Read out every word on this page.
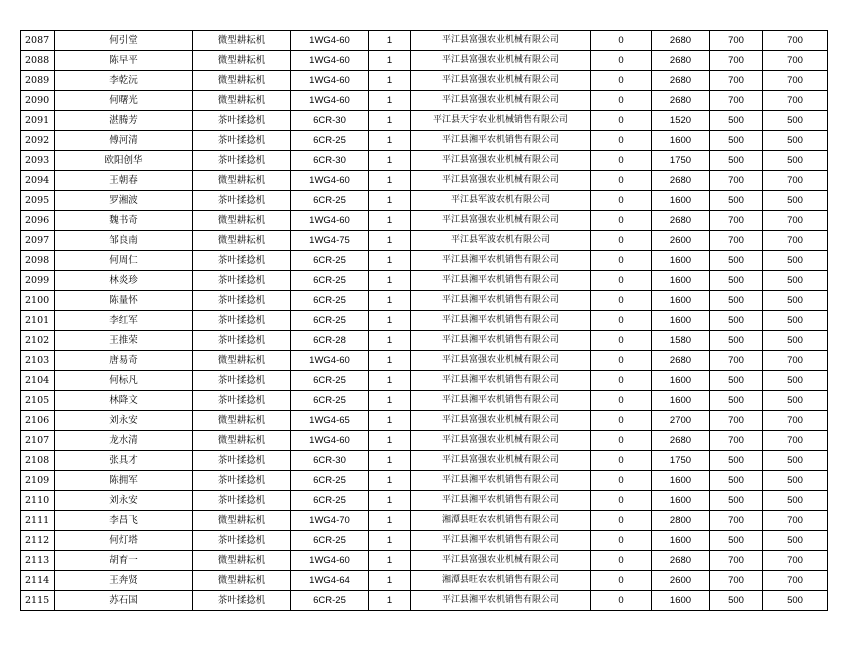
2087	何引堂	微型耕耘机	1WG4-60	1	平江县富强农业机械有限公司	0	2680	700	700
2088	陈早平	微型耕耘机	1WG4-60	1	平江县富强农业机械有限公司	0	2680	700	700
2089	李乾沅	微型耕耘机	1WG4-60	1	平江县富强农业机械有限公司	0	2680	700	700
2090	何曙光	微型耕耘机	1WG4-60	1	平江县富强农业机械有限公司	0	2680	700	700
2091	湛腾芳	茶叶揉捻机	6CR-30	1	平江县天宇农业机械销售有限公司	0	1520	500	500
2092	傅河清	茶叶揉捻机	6CR-25	1	平江县湘平农机销售有限公司	0	1600	500	500
2093	欧阳创华	茶叶揉捻机	6CR-30	1	平江县富强农业机械有限公司	0	1750	500	500
2094	王朝春	微型耕耘机	1WG4-60	1	平江县富强农业机械有限公司	0	2680	700	700
2095	罗湘波	茶叶揉捻机	6CR-25	1	平江县军波农机有限公司	0	1600	500	500
2096	魏书奇	微型耕耘机	1WG4-60	1	平江县富强农业机械有限公司	0	2680	700	700
2097	邹良南	微型耕耘机	1WG4-75	1	平江县军波农机有限公司	0	2600	700	700
2098	何周仁	茶叶揉捻机	6CR-25	1	平江县湘平农机销售有限公司	0	1600	500	500
2099	林炎珍	茶叶揉捻机	6CR-25	1	平江县湘平农机销售有限公司	0	1600	500	500
2100	陈量怀	茶叶揉捻机	6CR-25	1	平江县湘平农机销售有限公司	0	1600	500	500
2101	李红军	茶叶揉捻机	6CR-25	1	平江县湘平农机销售有限公司	0	1600	500	500
2102	王推荣	茶叶揉捻机	6CR-28	1	平江县湘平农机销售有限公司	0	1580	500	500
2103	唐易奇	微型耕耘机	1WG4-60	1	平江县富强农业机械有限公司	0	2680	700	700
2104	何标凡	茶叶揉捻机	6CR-25	1	平江县湘平农机销售有限公司	0	1600	500	500
2105	林降文	茶叶揉捻机	6CR-25	1	平江县湘平农机销售有限公司	0	1600	500	500
2106	刘永安	微型耕耘机	1WG4-65	1	平江县富强农业机械有限公司	0	2700	700	700
2107	龙水清	微型耕耘机	1WG4-60	1	平江县富强农业机械有限公司	0	2680	700	700
2108	张具才	茶叶揉捻机	6CR-30	1	平江县富强农业机械有限公司	0	1750	500	500
2109	陈拥军	茶叶揉捻机	6CR-25	1	平江县湘平农机销售有限公司	0	1600	500	500
2110	刘永安	茶叶揉捻机	6CR-25	1	平江县湘平农机销售有限公司	0	1600	500	500
2111	李昌飞	微型耕耘机	1WG4-70	1	湘潭县旺农农机销售有限公司	0	2800	700	700
2112	何灯塔	茶叶揉捻机	6CR-25	1	平江县湘平农机销售有限公司	0	1600	500	500
2113	胡育一	微型耕耘机	1WG4-60	1	平江县富强农业机械有限公司	0	2680	700	700
2114	王奔贤	微型耕耘机	1WG4-64	1	湘潭县旺农农机销售有限公司	0	2600	700	700
2115	苏石国	茶叶揉捻机	6CR-25	1	平江县湘平农机销售有限公司	0	1600	500	500
